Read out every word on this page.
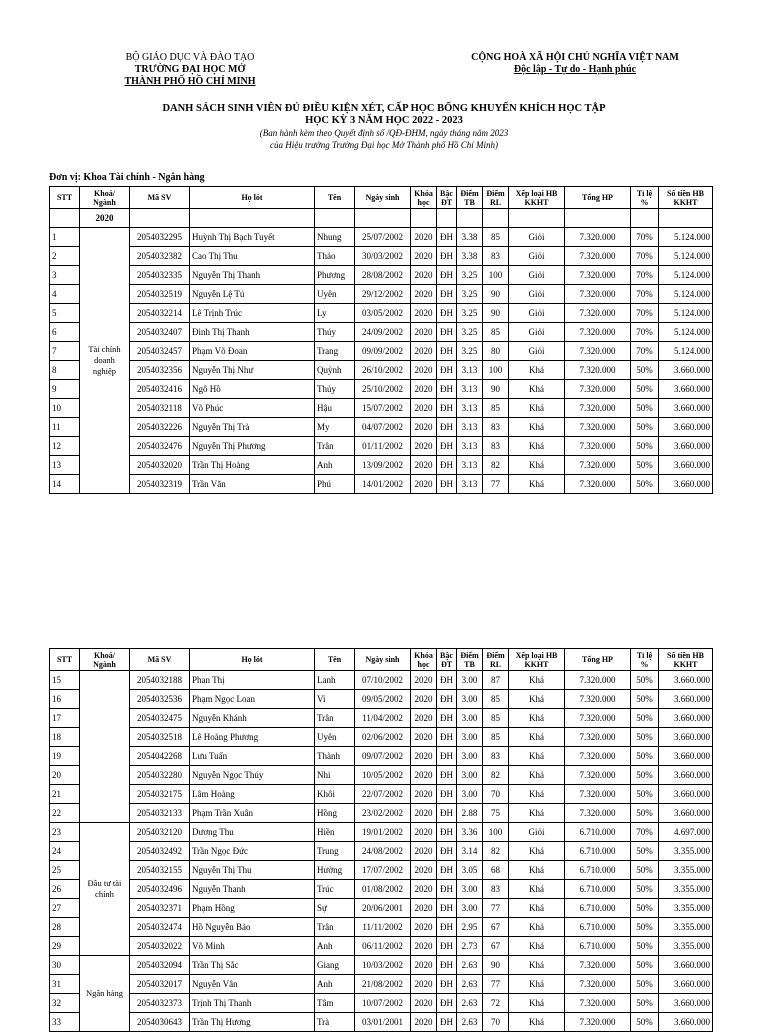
BỘ GIÁO DỤC VÀ ĐÀO TẠO
TRƯỜNG ĐẠI HỌC MỞ
THÀNH PHỐ HỒ CHÍ MINH
CỘNG HOÀ XÃ HỘI CHỦ NGHĨA VIỆT NAM
Độc lập - Tự do - Hạnh phúc
DANH SÁCH SINH VIÊN ĐỦ ĐIỀU KIỆN XÉT, CẤP HỌC BỔNG KHUYẾN KHÍCH HỌC TẬP
HỌC KỲ 3 NĂM HỌC 2022 - 2023
(Ban hành kèm theo Quyết định số /QĐ-ĐHM, ngày tháng năm 2023
của Hiệu trưởng Trường Đại học Mở Thành phố Hồ Chí Minh)
Đơn vị: Khoa Tài chính - Ngân hàng
STT	Khoá/ Ngành	Mã SV	Họ lót	Tên	Ngày sinh	Khóa học	Bậc ĐT	Điểm TB	Điểm RL	Xếp loại HB KKHT	Tổng HP	Tỉ lệ %	Số tiền HB KKHT
	2020												
1	Tài chính doanh nghiệp	2054032295	Huỳnh Thị Bạch Tuyết	Nhung	25/07/2002	2020	ĐH	3.38	85	Giỏi	7.320.000	70%	5.124.000
2		2054032382	Cao Thị Thu	Thảo	30/03/2002	2020	ĐH	3.38	83	Giỏi	7.320.000	70%	5.124.000
3		2054032335	Nguyễn Thị Thanh	Phương	28/08/2002	2020	ĐH	3.25	100	Giỏi	7.320.000	70%	5.124.000
4		2054032519	Nguyễn Lệ Tú	Uyên	29/12/2002	2020	ĐH	3.25	90	Giỏi	7.320.000	70%	5.124.000
5		2054032214	Lê Trịnh Trúc	Ly	03/05/2002	2020	ĐH	3.25	90	Giỏi	7.320.000	70%	5.124.000
6		2054032407	Đinh Thị Thanh	Thúy	24/09/2002	2020	ĐH	3.25	85	Giỏi	7.320.000	70%	5.124.000
7		2054032457	Phạm Võ Đoan	Trang	09/09/2002	2020	ĐH	3.25	80	Giỏi	7.320.000	70%	5.124.000
8		2054032356	Nguyễn Thị Như	Quỳnh	26/10/2002	2020	ĐH	3.13	100	Khá	7.320.000	50%	3.660.000
9		2054032416	Ngô Hồ	Thủy	25/10/2002	2020	ĐH	3.13	90	Khá	7.320.000	50%	3.660.000
10		2054032118	Võ Phúc	Hậu	15/07/2002	2020	ĐH	3.13	85	Khá	7.320.000	50%	3.660.000
11		2054032226	Nguyễn Thị Trà	My	04/07/2002	2020	ĐH	3.13	83	Khá	7.320.000	50%	3.660.000
12		2054032476	Nguyễn Thị Phương	Trân	01/11/2002	2020	ĐH	3.13	83	Khá	7.320.000	50%	3.660.000
13		2054032020	Trần Thị Hoàng	Anh	13/09/2002	2020	ĐH	3.13	82	Khá	7.320.000	50%	3.660.000
14		2054032319	Trần Văn	Phú	14/01/2002	2020	ĐH	3.13	77	Khá	7.320.000	50%	3.660.000
STT	Khoá/ Ngành	Mã SV	Họ lót	Tên	Ngày sinh	Khóa học	Bậc ĐT	Điểm TB	Điểm RL	Xếp loại HB KKHT	Tổng HP	Tỉ lệ %	Số tiền HB KKHT
15		2054032188	Phan Thị	Lanh	07/10/2002	2020	ĐH	3.00	87	Khá	7.320.000	50%	3.660.000
16		2054032536	Phạm Ngọc Loan	Vi	09/05/2002	2020	ĐH	3.00	85	Khá	7.320.000	50%	3.660.000
17		2054032475	Nguyễn Khánh	Trân	11/04/2002	2020	ĐH	3.00	85	Khá	7.320.000	50%	3.660.000
18		2054032518	Lê Hoàng Phương	Uyên	02/06/2002	2020	ĐH	3.00	85	Khá	7.320.000	50%	3.660.000
19		2054042268	Lưu Tuấn	Thành	09/07/2002	2020	ĐH	3.00	83	Khá	7.320.000	50%	3.660.000
20		2054032280	Nguyễn Ngọc Thúy	Nhi	10/05/2002	2020	ĐH	3.00	82	Khá	7.320.000	50%	3.660.000
21		2054032175	Lâm Hoàng	Khôi	22/07/2002	2020	ĐH	3.00	70	Khá	7.320.000	50%	3.660.000
22		2054032133	Phạm Trần Xuân	Hồng	23/02/2002	2020	ĐH	2.88	75	Khá	7.320.000	50%	3.660.000
23	Đầu tư tài chính	2054032120	Dương Thu	Hiền	19/01/2002	2020	ĐH	3.36	100	Giỏi	6.710.000	70%	4.697.000
24		2054032492	Trần Ngọc Đức	Trung	24/08/2002	2020	ĐH	3.14	82	Khá	6.710.000	50%	3.355.000
25		2054032155	Nguyễn Thị Thu	Hường	17/07/2002	2020	ĐH	3.05	68	Khá	6.710.000	50%	3.355.000
26		2054032496	Nguyễn Thanh	Trúc	01/08/2002	2020	ĐH	3.00	83	Khá	6.710.000	50%	3.355.000
27		2054032371	Phạm Hồng	Sự	20/06/2001	2020	ĐH	3.00	77	Khá	6.710.000	50%	3.355.000
28		2054032474	Hồ Nguyễn Bảo	Trân	11/11/2002	2020	ĐH	2.95	67	Khá	6.710.000	50%	3.355.000
29		2054032022	Võ Minh	Anh	06/11/2002	2020	ĐH	2.73	67	Khá	6.710.000	50%	3.355.000
30	Ngân hàng	2054032094	Trần Thị Sắc	Giang	10/03/2002	2020	ĐH	2.63	90	Khá	7.320.000	50%	3.660.000
31		2054032017	Nguyễn Vân	Anh	21/08/2002	2020	ĐH	2.63	77	Khá	7.320.000	50%	3.660.000
32		2054032373	Trịnh Thị Thanh	Tâm	10/07/2002	2020	ĐH	2.63	72	Khá	7.320.000	50%	3.660.000
33		2054030643	Trần Thị Hương	Trà	03/01/2001	2020	ĐH	2.63	70	Khá	7.320.000	50%	3.660.000
